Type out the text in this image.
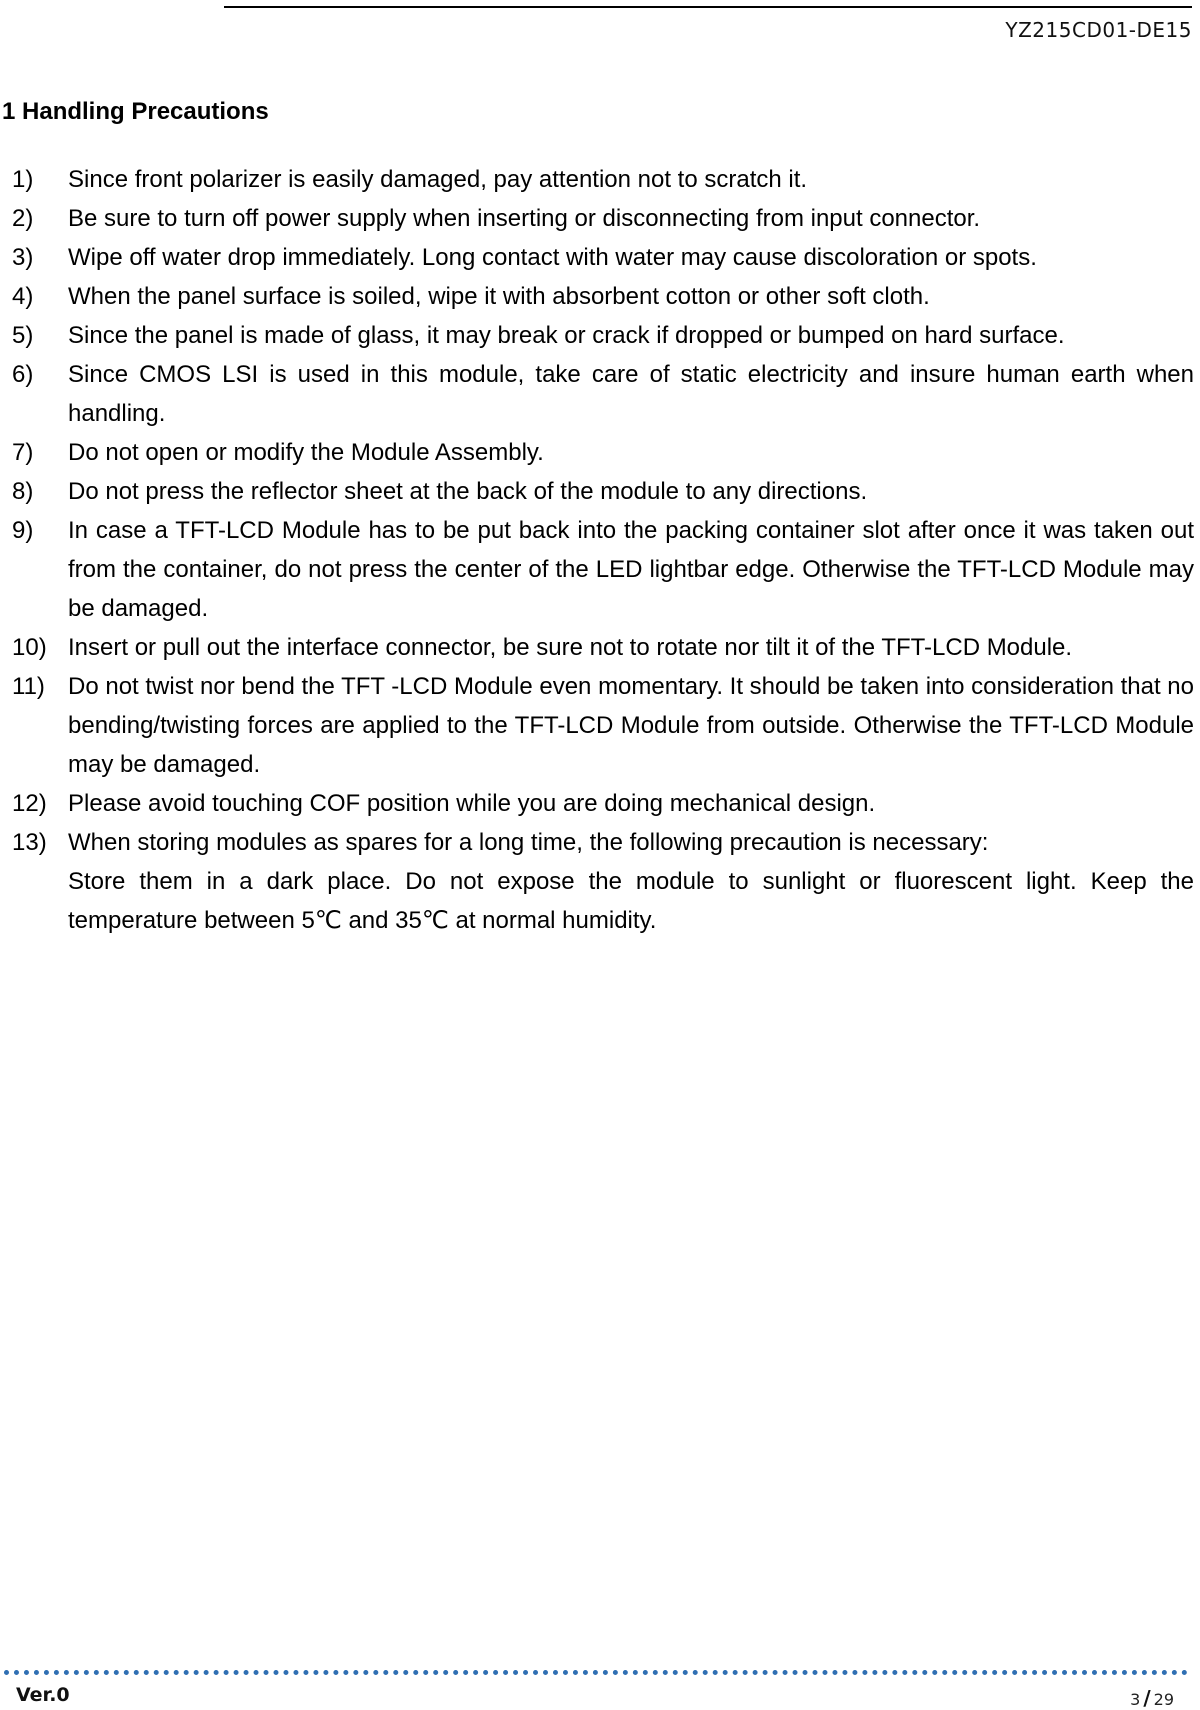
YZ215CD01-DE15
1 Handling Precautions
1)	Since front polarizer is easily damaged, pay attention not to scratch it.
2)	Be sure to turn off power supply when inserting or disconnecting from input connector.
3)	Wipe off water drop immediately. Long contact with water may cause discoloration or spots.
4)	When the panel surface is soiled, wipe it with absorbent cotton or other soft cloth.
5)	Since the panel is made of glass, it may break or crack if dropped or bumped on hard surface.
6)	Since CMOS LSI is used in this module, take care of static electricity and insure human earth when handling.
7)	Do not open or modify the Module Assembly.
8)	Do not press the reflector sheet at the back of the module to any directions.
9)	In case a TFT-LCD Module has to be put back into the packing container slot after once it was taken out from the container, do not press the center of the LED lightbar edge. Otherwise the TFT-LCD Module may be damaged.
10) Insert or pull out the interface connector, be sure not to rotate nor tilt it of the TFT-LCD Module.
11) Do not twist nor bend the TFT -LCD Module even momentary. It should be taken into consideration that no bending/twisting forces are applied to the TFT-LCD Module from outside. Otherwise the TFT-LCD Module may be damaged.
12) Please avoid touching COF position while you are doing mechanical design.
13) When storing modules as spares for a long time, the following precaution is necessary:
Store them in a dark place. Do not expose the module to sunlight or fluorescent light. Keep the temperature between 5℃ and 35℃ at normal humidity.
Ver.0	3 / 29
